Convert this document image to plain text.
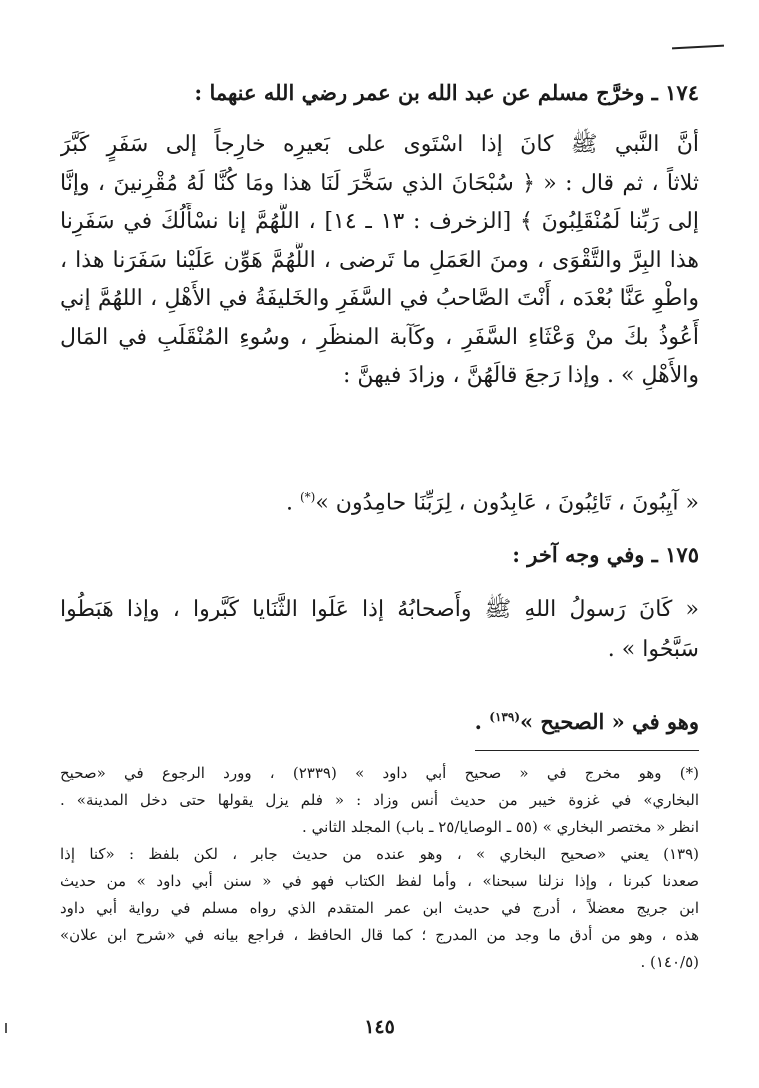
١٧٤ ـ وخرَّج مسلم عن عبد الله بن عمر رضي الله عنهما :
أنَّ النَّبي ﷺ كانَ إذا اسْتَوى على بَعيرِه خارِجاً إلى سَفَرٍ كَبَّرَ
ثلاثاً ، ثم قال : « ﴿ سُبْحَانَ الذي سَخَّرَ لَنَا هذا ومَا كُنَّا لَهُ مُقْرِنينَ ، وإنَّا
إلى رَبِّنا لَمُنْقَلِبُونَ ﴾ [الزخرف : ١٣ ـ ١٤] ، اللَّهُمَّ إنا نسْأَلُكَ في سَفَرِنا
هذا البِرَّ والتَّقْوَى ، ومنَ العَمَلِ ما تَرضى ، اللَّهُمَّ هَوِّن عَلَيْنا سَفَرَنا هذا ،
واطْوِ عَنَّا بُعْدَه ، أَنْتَ الصَّاحبُ في السَّفَرِ والخَليفَةُ في الأَهْلِ ، اللهُمَّ إني
أَعُوذُ بكَ منْ وَعْثَاءِ السَّفَرِ ، وكَآبة المنظَرِ ، وسُوءِ المُنْقَلَبِ في المَال
والأَهْلِ » . وإذا رَجعَ قالَهُنَّ ، وزادَ فيهنَّ :
« آيِبُونَ ، تَائِبُونَ ، عَابِدُون ، لِرَبِّنَا حامِدُون »(*) .
١٧٥ ـ وفي وجه آخر :
« كَانَ رَسولُ اللهِ ﷺ وأَصحابُهُ إذا عَلَوا الثَّنَايا كَبَّروا ، وإذا هَبَطُوا
سَبَّحُوا » .
وهو في « الصحيح »$^{(١٣٩)}$ .
(*) وهو مخرج في « صحيح أبي داود » (٢٣٣٩) ، وورد الرجوع في «صحيح
البخاري» في غزوة خيبر من حديث أنس وزاد : « فلم يزل يقولها حتى دخل المدينة» .
انظر « مختصر البخاري » (٥٥ ـ الوصايا/٢٥ ـ باب) المجلد الثاني .
(١٣٩) يعني «صحيح البخاري » ، وهو عنده من حديث جابر ، لكن بلفظ : «كنا إذا
صعدنا كبرنا ، وإذا نزلنا سبحنا» ، وأما لفظ الكتاب فهو في « سنن أبي داود » من حديث
ابن جريج معضلاً ، أدرج في حديث ابن عمر المتقدم الذي رواه مسلم في رواية أبي داود
هذه ، وهو من أدق ما وجد من المدرج ؛ كما قال الحافظ ، فراجع بيانه في «شرح ابن علان»
(١٤٠/٥) .
١٤٥
